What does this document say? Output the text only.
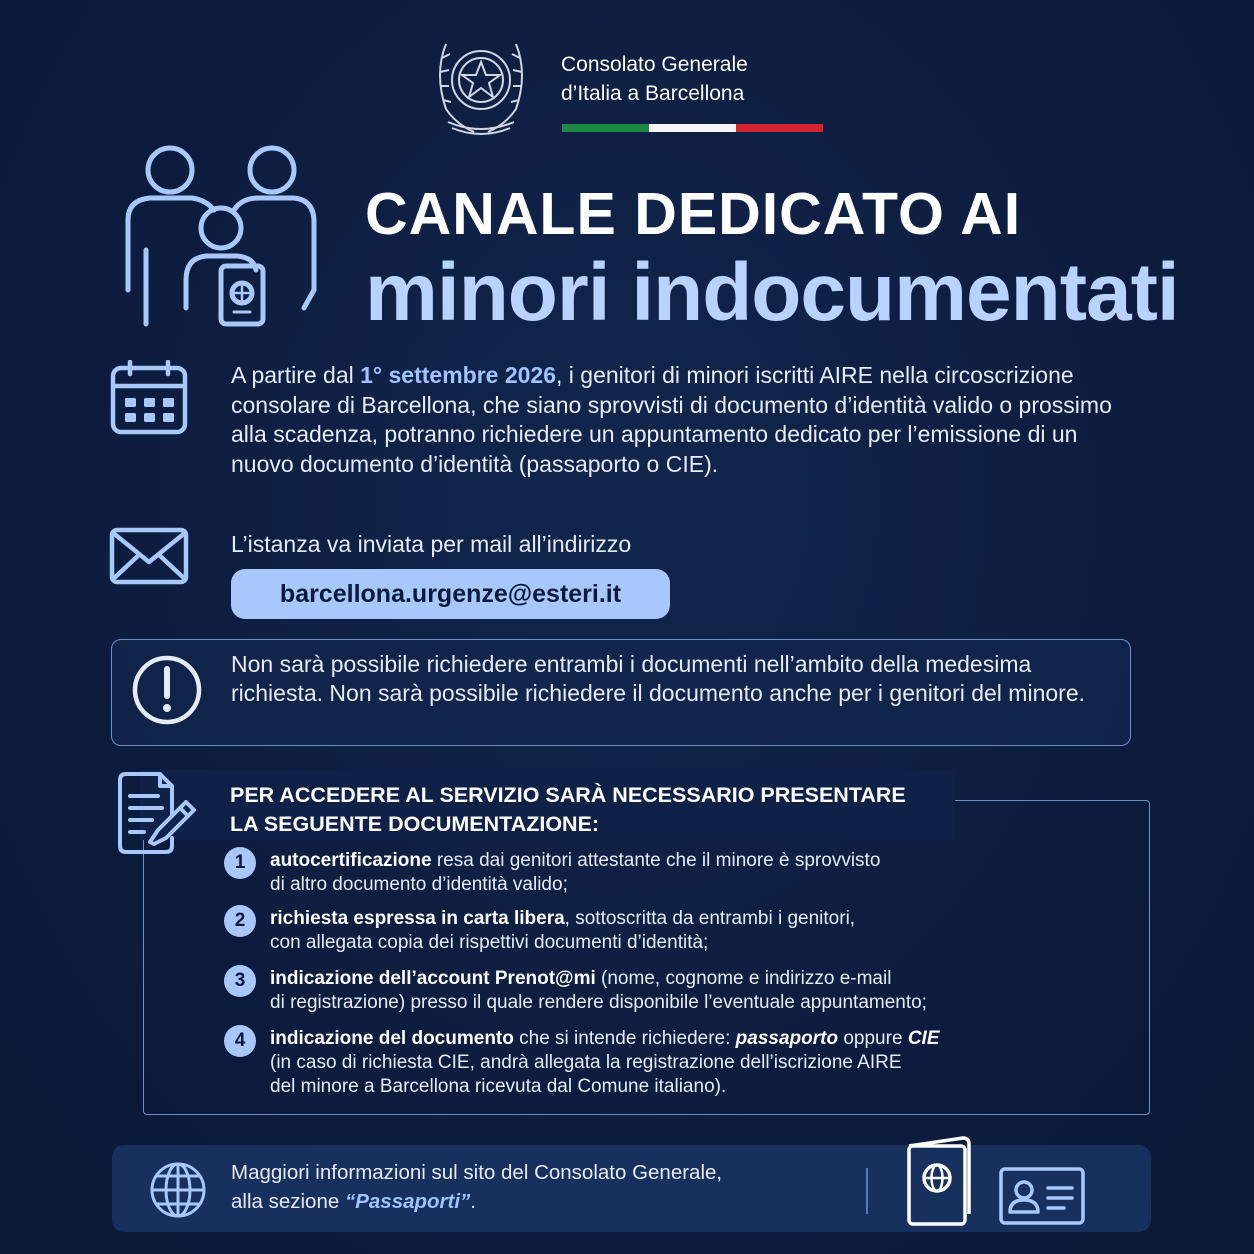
Consolato Generale
d’Italia a Barcellona
CANALE DEDICATO AI
minori indocumentati

A partire dal 1° settembre 2026, i genitori di minori iscritti AIRE nella circoscrizione consolare di Barcellona, che siano sprovvisti di documento d’identità valido o prossimo alla scadenza, potranno richiedere un appuntamento dedicato per l’emissione di un nuovo documento d’identità (passaporto o CIE).

L’istanza va inviata per mail all’indirizzo
barcellona.urgenze@esteri.it

Non sarà possibile richiedere entrambi i documenti nell’ambito della medesima richiesta. Non sarà possibile richiedere il documento anche per i genitori del minore.

PER ACCEDERE AL SERVIZIO SARÀ NECESSARIO PRESENTARE
LA SEGUENTE DOCUMENTAZIONE:
1	autocertificazione resa dai genitori attestante che il minore è sprovvisto
di altro documento d’identità valido;
2	richiesta espressa in carta libera, sottoscritta da entrambi i genitori,
con allegata copia dei rispettivi documenti d’identità;
3	indicazione dell’account Prenot@mi (nome, cognome e indirizzo e-mail
di registrazione) presso il quale rendere disponibile l’eventuale appuntamento;
4	indicazione del documento che si intende richiedere: passaporto oppure CIE
(in caso di richiesta CIE, andrà allegata la registrazione dell’iscrizione AIRE
del minore a Barcellona ricevuta dal Comune italiano).
Maggiori informazioni sul sito del Consolato Generale,
alla sezione “Passaporti”.
